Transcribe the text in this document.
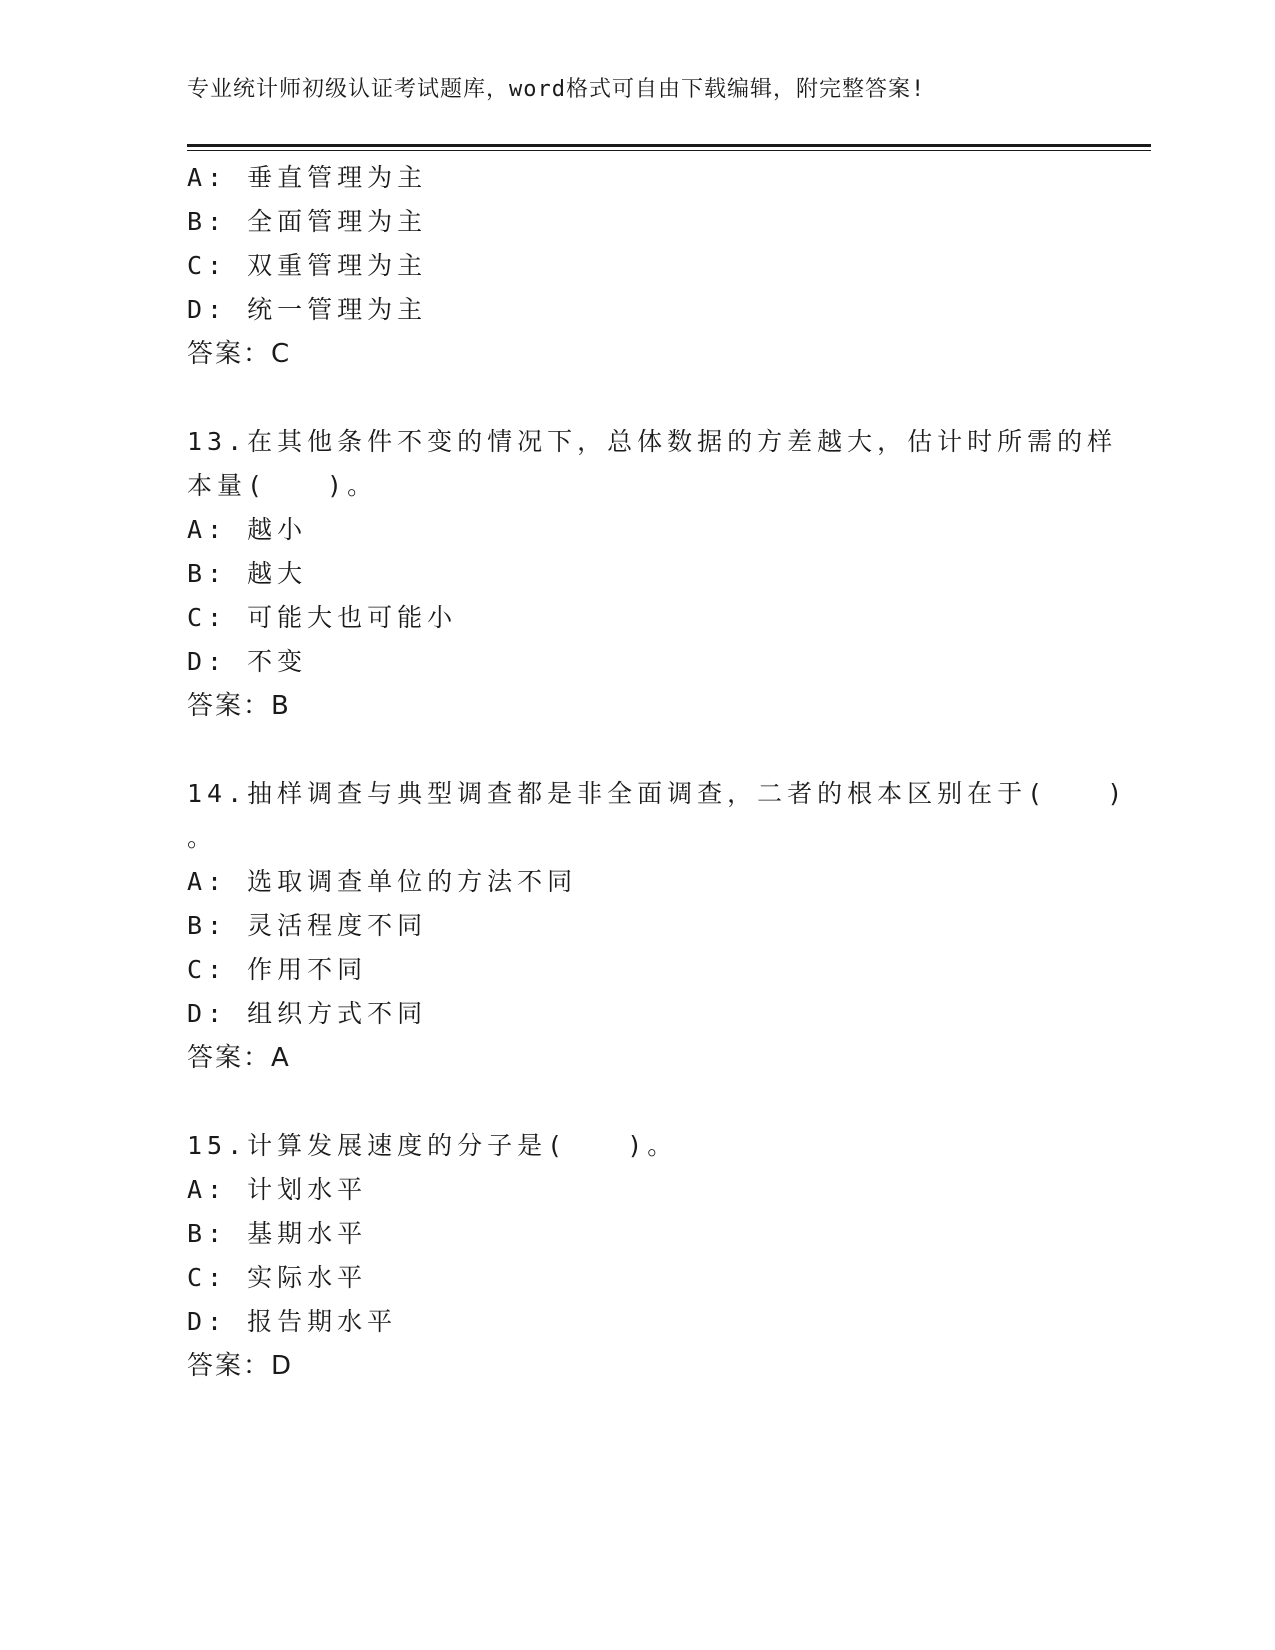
专业统计师初级认证考试题库，word格式可自由下载编辑，附完整答案!
A: 垂直管理为主
B: 全面管理为主
C: 双重管理为主
D: 统一管理为主
答案：C
13.在其他条件不变的情况下，总体数据的方差越大，估计时所需的样
本量(　　)。
A: 越小
B: 越大
C: 可能大也可能小
D: 不变
答案：B
14.抽样调查与典型调查都是非全面调查，二者的根本区别在于(　　)
。
A: 选取调查单位的方法不同
B: 灵活程度不同
C: 作用不同
D: 组织方式不同
答案：A
15.计算发展速度的分子是(　　)。
A: 计划水平
B: 基期水平
C: 实际水平
D: 报告期水平
答案：D
